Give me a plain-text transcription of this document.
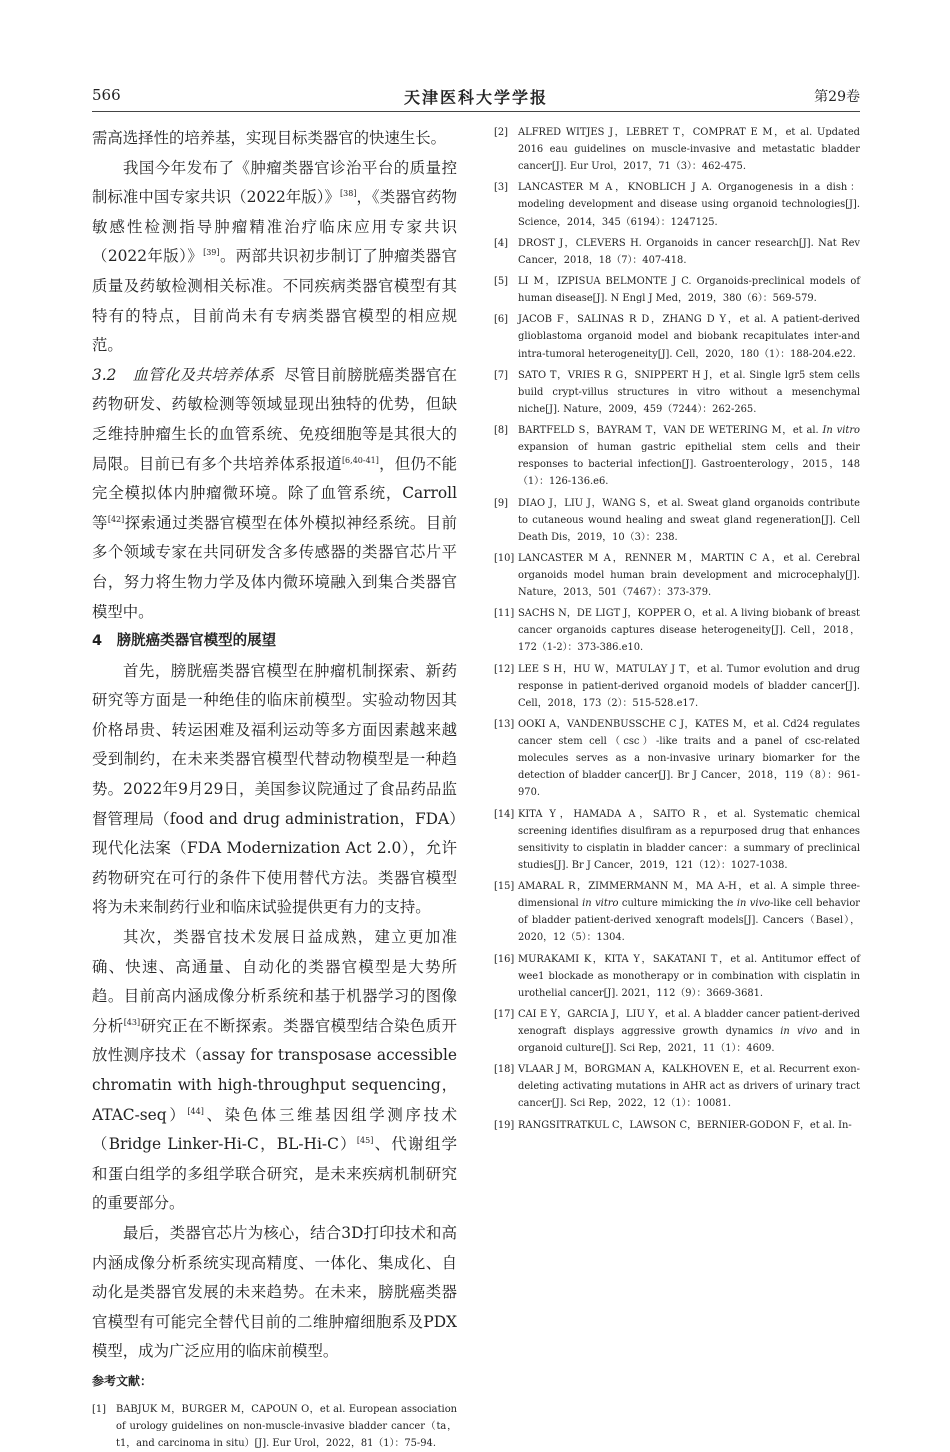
566	天津医科大学学报	第29卷

需高选择性的培养基，实现目标类器官的快速生长。

我国今年发布了《肿瘤类器官诊治平台的质量控制标准中国专家共识（2022年版）》[38]，《类器官药物敏感性检测指导肿瘤精准治疗临床应用专家共识（2022年版）》[39]。两部共识初步制订了肿瘤类器官质量及药敏检测相关标准。不同疾病类器官模型有其特有的特点，目前尚未有专病类器官模型的相应规范。

3.2　血管化及共培养体系 尽管目前膀胱癌类器官在药物研发、药敏检测等领域显现出独特的优势，但缺乏维持肿瘤生长的血管系统、免疫细胞等是其很大的局限。目前已有多个共培养体系报道[6,40-41]，但仍不能完全模拟体内肿瘤微环境。除了血管系统，Carroll 等[42]探索通过类器官模型在体外模拟神经系统。目前多个领域专家在共同研发含多传感器的类器官芯片平台，努力将生物力学及体内微环境融入到集合类器官模型中。

4　膀胱癌类器官模型的展望

首先，膀胱癌类器官模型在肿瘤机制探索、新药研究等方面是一种绝佳的临床前模型。实验动物因其价格昂贵、转运困难及福利运动等多方面因素越来越受到制约，在未来类器官模型代替动物模型是一种趋势。2022年9月29日，美国参议院通过了食品药品监督管理局（food and drug administration，FDA）现代化法案（FDA Modernization Act 2.0），允许药物研究在可行的条件下使用替代方法。类器官模型将为未来制药行业和临床试验提供更有力的支持。

其次，类器官技术发展日益成熟，建立更加准确、快速、高通量、自动化的类器官模型是大势所趋。目前高内涵成像分析系统和基于机器学习的图像分析[43]研究正在不断探索。类器官模型结合染色质开放性测序技术（assay for transposase accessible chromatin with high-throughput sequencing，ATAC-seq）[44]、染色体三维基因组学测序技术（Bridge Linker-Hi-C，BL-Hi-C）[45]、代谢组学和蛋白组学的多组学联合研究，是未来疾病机制研究的重要部分。

最后，类器官芯片为核心，结合3D打印技术和高内涵成像分析系统实现高精度、一体化、集成化、自动化是类器官发展的未来趋势。在未来，膀胱癌类器官模型有可能完全替代目前的二维肿瘤细胞系及PDX模型，成为广泛应用的临床前模型。

参考文献：
[1]	BABJUK M，BURGER M，CAPOUN O，et al. European association of urology guidelines on non-muscle-invasive bladder cancer（ta，t1，and carcinoma in situ）[J]. Eur Urol，2022，81（1）：75-94.
[2]	ALFRED WITJES J，LEBRET T，COMPRAT E M，et al. Updated 2016 eau guidelines on muscle-invasive and metastatic bladder cancer[J]. Eur Urol，2017，71（3）：462-475.
[3]	LANCASTER M A，KNOBLICH J A. Organogenesis in a dish：modeling development and disease using organoid technologies[J]. Science，2014，345（6194）：1247125.
[4]	DROST J，CLEVERS H. Organoids in cancer research[J]. Nat Rev Cancer，2018，18（7）：407-418.
[5]	LI M，IZPISUA BELMONTE J C. Organoids-preclinical models of human disease[J]. N Engl J Med，2019，380（6）：569-579.
[6]	JACOB F，SALINAS R D，ZHANG D Y，et al. A patient-derived glioblastoma organoid model and biobank recapitulates inter-and intra-tumoral heterogeneity[J]. Cell，2020，180（1）：188-204.e22.
[7]	SATO T，VRIES R G，SNIPPERT H J，et al. Single lgr5 stem cells build crypt-villus structures in vitro without a mesenchymal niche[J]. Nature，2009，459（7244）：262-265.
[8]	BARTFELD S，BAYRAM T，VAN DE WETERING M，et al. In vitro expansion of human gastric epithelial stem cells and their responses to bacterial infection[J]. Gastroenterology，2015，148（1）：126-136.e6.
[9]	DIAO J，LIU J，WANG S，et al. Sweat gland organoids contribute to cutaneous wound healing and sweat gland regeneration[J]. Cell Death Dis，2019，10（3）：238.
[10] LANCASTER M A，RENNER M，MARTIN C A，et al. Cerebral organoids model human brain development and microcephaly[J]. Nature，2013，501（7467）：373-379.
[11] SACHS N，DE LIGT J，KOPPER O，et al. A living biobank of breast cancer organoids captures disease heterogeneity[J]. Cell，2018，172（1-2）：373-386.e10.
[12] LEE S H，HU W，MATULAY J T，et al. Tumor evolution and drug response in patient-derived organoid models of bladder cancer[J]. Cell，2018，173（2）：515-528.e17.
[13] OOKI A，VANDENBUSSCHE C J，KATES M，et al. Cd24 regulates cancer stem cell（csc）-like traits and a panel of csc-related molecules serves as a non-invasive urinary biomarker for the detection of bladder cancer[J]. Br J Cancer，2018，119（8）：961-970.
[14] KITA Y，HAMADA A，SAITO R，et al. Systematic chemical screening identifies disulfiram as a repurposed drug that enhances sensitivity to cisplatin in bladder cancer：a summary of preclinical studies[J]. Br J Cancer，2019，121（12）：1027-1038.
[15] AMARAL R，ZIMMERMANN M，MA A-H，et al. A simple three-dimensional in vitro culture mimicking the in vivo-like cell behavior of bladder patient-derived xenograft models[J]. Cancers（Basel），2020，12（5）：1304.
[16] MURAKAMI K，KITA Y，SAKATANI T，et al. Antitumor effect of wee1 blockade as monotherapy or in combination with cisplatin in urothelial cancer[J]. 2021，112（9）：3669-3681.
[17] CAI E Y，GARCIA J，LIU Y，et al. A bladder cancer patient-derived xenograft displays aggressive growth dynamics in vivo and in organoid culture[J]. Sci Rep，2021，11（1）：4609.
[18] VLAAR J M，BORGMAN A，KALKHOVEN E，et al. Recurrent exon-deleting activating mutations in AHR act as drivers of urinary tract cancer[J]. Sci Rep，2022，12（1）：10081.
[19] RANGSITRATKUL C，LAWSON C，BERNIER-GODON F，et al. In-
